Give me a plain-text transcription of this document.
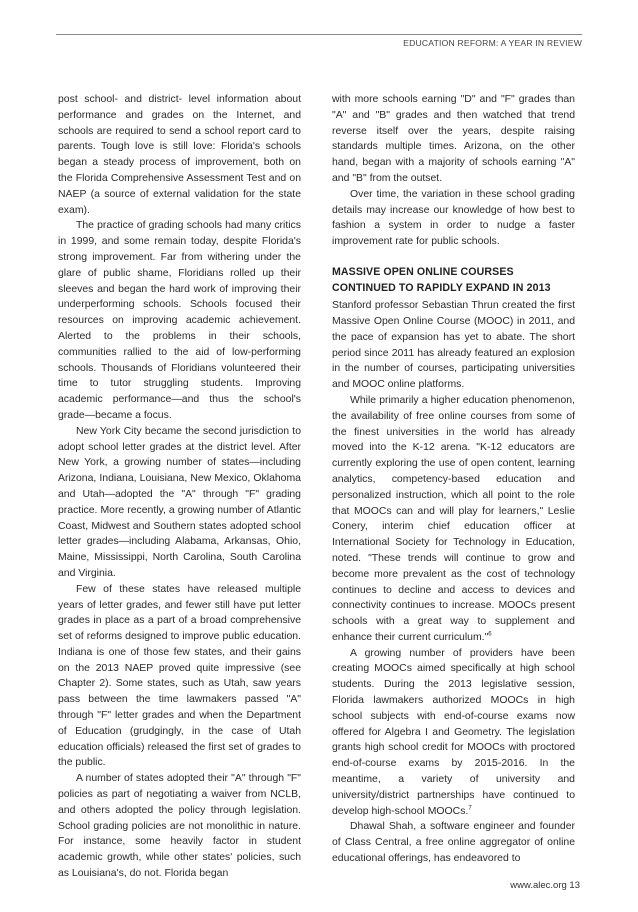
EDUCATION REFORM: A YEAR IN REVIEW

post school- and district- level information about performance and grades on the Internet, and schools are required to send a school report card to parents. Tough love is still love: Florida's schools began a steady process of improvement, both on the Florida Comprehensive Assessment Test and on NAEP (a source of external validation for the state exam).

The practice of grading schools had many critics in 1999, and some remain today, despite Florida's strong improvement. Far from withering under the glare of public shame, Floridians rolled up their sleeves and began the hard work of improving their underperforming schools. Schools focused their resources on improving academic achievement. Alerted to the problems in their schools, communities rallied to the aid of low-performing schools. Thousands of Floridians volunteered their time to tutor struggling students. Improving academic performance—and thus the school's grade—became a focus.

New York City became the second jurisdiction to adopt school letter grades at the district level. After New York, a growing number of states—including Arizona, Indiana, Louisiana, New Mexico, Oklahoma and Utah—adopted the "A" through "F" grading practice. More recently, a growing number of Atlantic Coast, Midwest and Southern states adopted school letter grades—including Alabama, Arkansas, Ohio, Maine, Mississippi, North Carolina, South Carolina and Virginia.

Few of these states have released multiple years of letter grades, and fewer still have put letter grades in place as a part of a broad comprehensive set of reforms designed to improve public education. Indiana is one of those few states, and their gains on the 2013 NAEP proved quite impressive (see Chapter 2). Some states, such as Utah, saw years pass between the time lawmakers passed "A" through "F" letter grades and when the Department of Education (grudgingly, in the case of Utah education officials) released the first set of grades to the public.

A number of states adopted their "A" through "F" policies as part of negotiating a waiver from NCLB, and others adopted the policy through legislation. School grading policies are not monolithic in nature. For instance, some heavily factor in student academic growth, while other states' policies, such as Louisiana's, do not. Florida began

with more schools earning "D" and "F" grades than "A" and "B" grades and then watched that trend reverse itself over the years, despite raising standards multiple times. Arizona, on the other hand, began with a majority of schools earning "A" and "B" from the outset.

Over time, the variation in these school grading details may increase our knowledge of how best to fashion a system in order to nudge a faster improvement rate for public schools.

MASSIVE OPEN ONLINE COURSES CONTINUED TO RAPIDLY EXPAND IN 2013

Stanford professor Sebastian Thrun created the first Massive Open Online Course (MOOC) in 2011, and the pace of expansion has yet to abate. The short period since 2011 has already featured an explosion in the number of courses, participating universities and MOOC online platforms.

While primarily a higher education phenomenon, the availability of free online courses from some of the finest universities in the world has already moved into the K-12 arena. "K-12 educators are currently exploring the use of open content, learning analytics, competency-based education and personalized instruction, which all point to the role that MOOCs can and will play for learners," Leslie Conery, interim chief education officer at International Society for Technology in Education, noted. "These trends will continue to grow and become more prevalent as the cost of technology continues to decline and access to devices and connectivity continues to increase. MOOCs present schools with a great way to supplement and enhance their current curriculum."$^6$

A growing number of providers have been creating MOOCs aimed specifically at high school students. During the 2013 legislative session, Florida lawmakers authorized MOOCs in high school subjects with end-of-course exams now offered for Algebra I and Geometry. The legislation grants high school credit for MOOCs with proctored end-of-course exams by 2015-2016. In the meantime, a variety of university and university/district partnerships have continued to develop high-school MOOCs.$^7$

Dhawal Shah, a software engineer and founder of Class Central, a free online aggregator of online educational offerings, has endeavored to

www.alec.org 13
